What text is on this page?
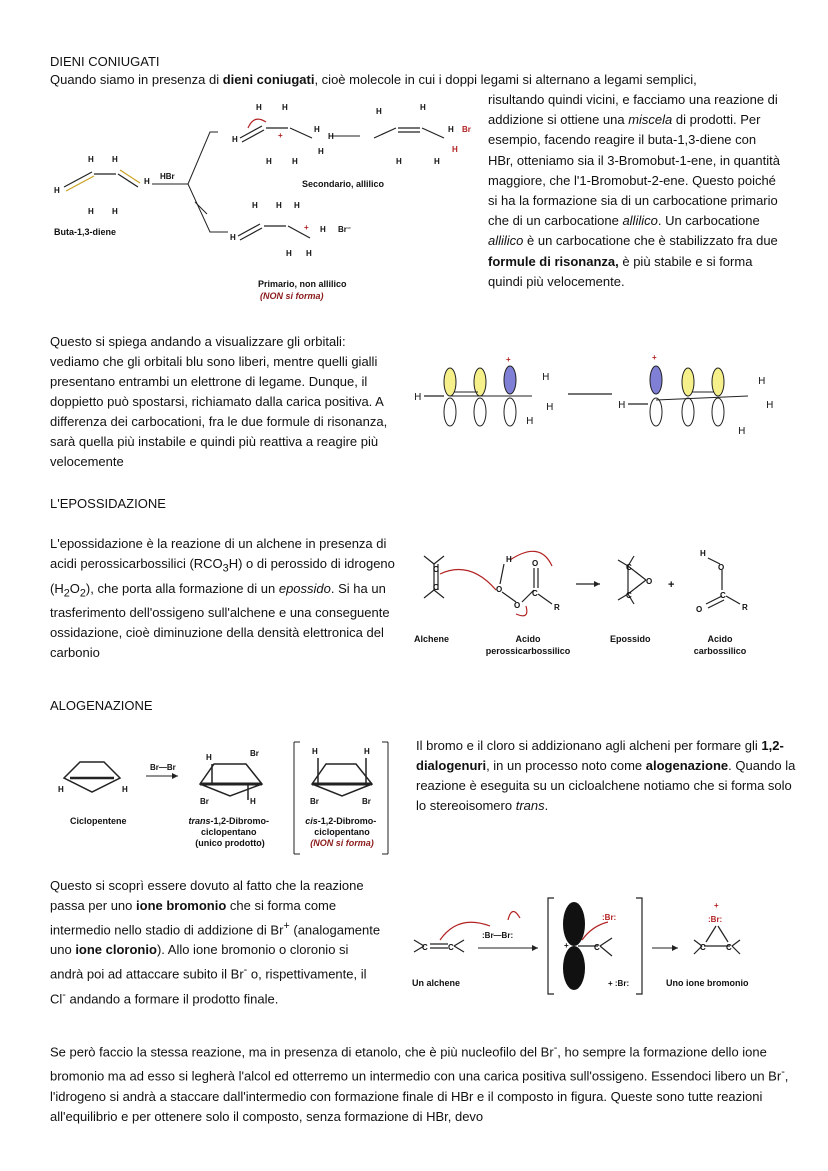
DIENI CONIUGATI
Quando siamo in presenza di dieni coniugati, cioè molecole in cui i doppi legami si alternano a legami semplici,
risultando quindi vicini, e facciamo una reazione di addizione si ottiene una miscela di prodotti. Per esempio, facendo reagire il buta-1,3-diene con HBr, otteniamo sia il 3-Bromobut-1-ene, in quantità maggiore, che l'1-Bromobut-2-ene. Questo poiché si ha la formazione sia di un carbocatione primario che di un carbocatione allilico. Un carbocatione allilico è un carbocatione che è stabilizzato fra due formule di risonanza, è più stabile e si forma quindi più velocemente.
H
H H
H H
H
Buta-1,3-diene
HBr
H
H	H
H	H
H
H
+	H
H	H
H	H
H Br
H
Secondario, allilico
H
H H H
H H
H
+	Br⁻
Primario, non allilico
(NON si forma)
Questo si spiega andando a visualizzare gli orbitali: vediamo che gli orbitali blu sono liberi, mentre quelli gialli presentano entrambi un elettrone di legame. Dunque, il doppietto può spostarsi, richiamato dalla carica positiva. A differenza dei carbocationi, fra le due formule di risonanza, sarà quella più instabile e quindi più reattiva a reagire più velocemente
H
+
H
H
H
H
+
H
H
H
L'EPOSSIDAZIONE
L'epossidazione è la reazione di un alchene in presenza di acidi perossicarbossilici $(RCO_3H)$ o di perossido di idrogeno $(H_2O_2)$, che porta alla formazione di un epossido. Si ha un trasferimento dell'ossigeno sull'alchene e una conseguente ossidazione, cioè diminuzione della densità elettronica del carbonio
C
C
H
O
O
O
C
R
C
C
O +
H
O
C
O	R
Alchene	Acido perossicarbossilico
Epossido	Acido carbossilico
ALOGENAZIONE
Il bromo e il cloro si addizionano agli alcheni per formare gli 1,2-dialogenuri, in un processo noto come alogenazione. Quando la reazione è eseguita su un cicloalchene notiamo che si forma solo lo stereoisomero trans.
H	H
Ciclopentene
Br—Br
H	Br
Br	H
trans-1,2-Dibromo- ciclopentano (unico prodotto)
H	H
Br	Br
cis-1,2-Dibromo- ciclopentano
(NON si forma)
Questo si scoprì essere dovuto al fatto che la reazione passa per uno ione bromonio che si forma come intermedio nello stadio di addizione di Br+ (analogamente uno ione cloronio). Allo ione bromonio o cloronio si andrà poi ad attaccare subito il Br- o, rispettivamente, il Cl- andando a formare il prodotto finale.
C	C
:Br—Br:
Un alchene
+	C
:Br:
+ :Br:
+
:Br:
C	C
Uno ione bromonio
Se però faccio la stessa reazione, ma in presenza di etanolo, che è più nucleofilo del Br-, ho sempre la formazione dello ione bromonio ma ad esso si legherà l'alcol ed otterremo un intermedio con una carica positiva sull'ossigeno. Essendoci libero un Br-, l'idrogeno si andrà a staccare dall'intermedio con formazione finale di HBr e il composto in figura. Queste sono tutte reazioni all'equilibrio e per ottenere solo il composto, senza formazione di HBr, devo
